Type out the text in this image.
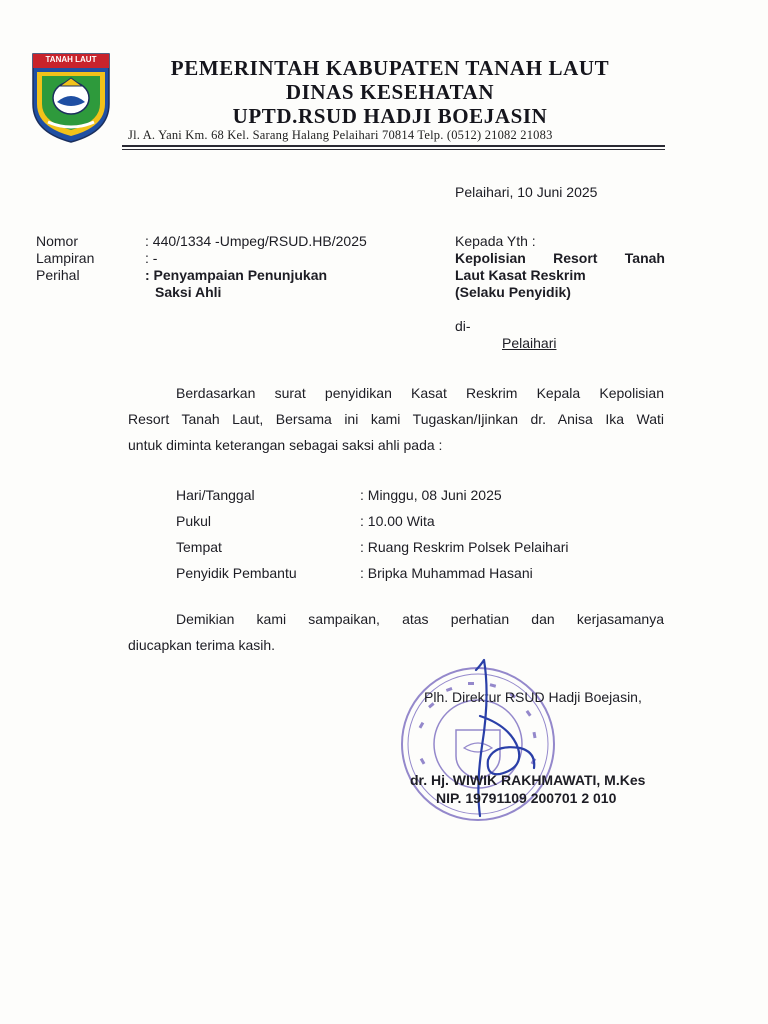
TANAH LAUT	PEMERINTAH KABUPATEN TANAH LAUT
DINAS KESEHATAN
UPTD.RSUD HADJI BOEJASIN
Jl. A. Yani Km. 68 Kel. Sarang Halang Pelaihari 70814 Telp. (0512) 21082 21083
Pelaihari, 10 Juni 2025
Nomor	: 440/1334 -Umpeg/RSUD.HB/2025
Lampiran	: -
Perihal	: Penyampaian Penunjukan
Saksi Ahli
Kepada Yth :
Kepolisian Resort Tanah
Laut Kasat Reskrim
(Selaku Penyidik)
di-
Pelaihari
Berdasarkan surat penyidikan Kasat Reskrim Kepala Kepolisian
Resort Tanah Laut, Bersama ini kami Tugaskan/Ijinkan dr. Anisa Ika Wati
untuk diminta keterangan sebagai saksi ahli pada :
Hari/Tanggal	: Minggu, 08 Juni 2025
Pukul	: 10.00 Wita
Tempat	: Ruang Reskrim Polsek Pelaihari
Penyidik Pembantu	: Bripka Muhammad Hasani
Demikian kami sampaikan, atas perhatian dan kerjasamanya
diucapkan terima kasih.
Plh. Direktur RSUD Hadji Boejasin,
dr. Hj. WIWIK RAKHMAWATI, M.Kes
NIP. 19791109 200701 2 010
